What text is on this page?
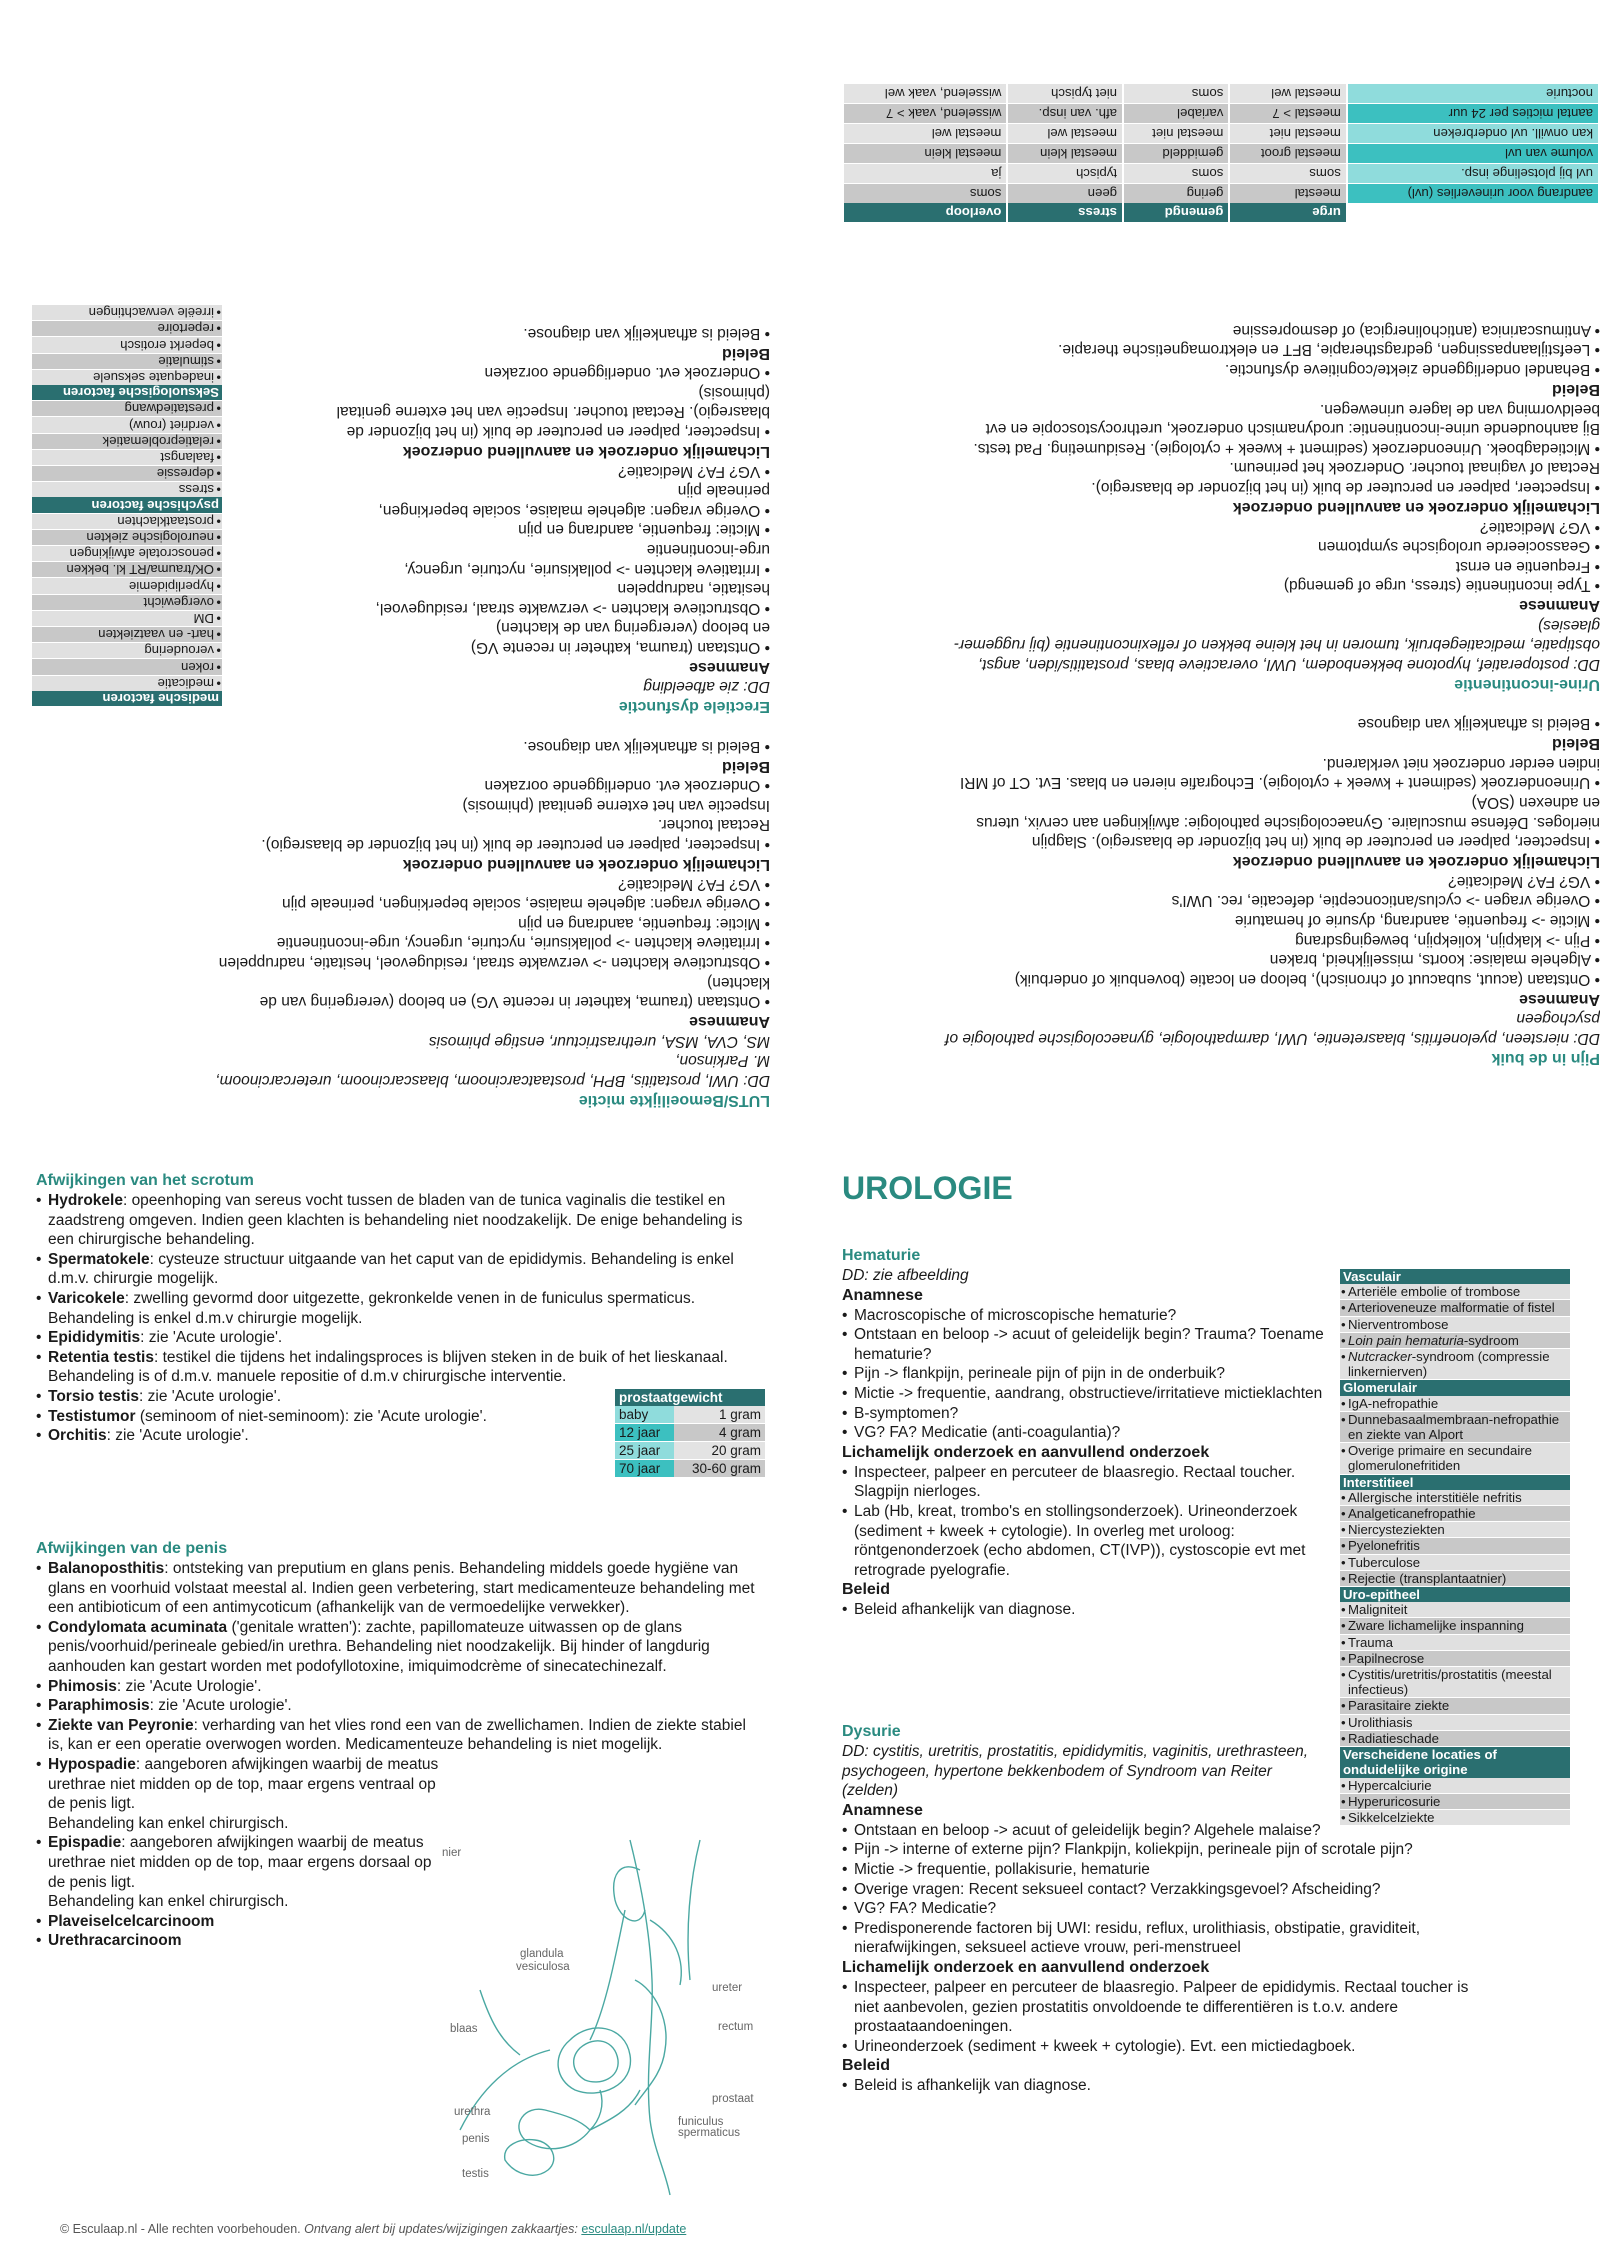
	urge	gemengd	stress	overloop
aandrang voor urineverlies (uvl)	meestal	gering	geen	soms
uvl bij plotselinge insp.	soms	soms	typisch	ja
volume van uvl	meestal groot	gemiddeld	meestal klein	meestal klein
kan onwill. uvl onderbreken	meestal niet	meestal niet	meestal wel	meestal wel
aantal micties per 24 uur	meestal > 7	variabel	afh. van insp.	wisselend, vaak > 7
nocturie	meestal wel	soms	niet typisch	wisselend, vaak wel
Pijn in de buik
DD: niersteen, pyelonefritis, blaasretentie, UWI, darmpathologie, gynaecologische pathologie of
psychogeen
Anamnese
• Ontstaan (acuut, subacuut of chronisch), beloop en locatie (bovenbuik of onderbuik)
• Algehele malaise: koorts, misselijkheid, braken
• Pijn -> klakpijn, koliekpijn, bewegingsdrang
• Mictie -> frequentie, aandrang, dysurie of hematurie
• Overige vragen -> cyclus/anticonceptie, defecatie, rec. UWI's
• VG? FA? Medicatie?
Lichamelijk onderzoek en aanvullend onderzoek
• Inspecteer, palpeer en percuteer de buik (in het bijzonder de blaasregio). Slagpijn
nierloges. Défense musculaire. Gynaecologische pathologie: afwijkingen aan cervix, uterus
en adnexen (SOA)
• Urineonderzoek (sediment + kweek + cytologie). Echografie nieren en blaas. Evt. CT of MRI
indien eerder onderzoek niet verklarend.
Beleid
• Beleid is afhankelijk van diagnose

Urine-incontinentie
DD: postoperatief, hypotone bekkenbodem, UWI, overactieve blaas, prostatitis/iden, angst,
obstipatie, medicatiegebruik, tumoren in het kleine bekken of reflexincontinentie (bij ruggemer-
glaesies)
Anamnese
• Type incontinentie (stress, urge of gemengd)
• Frequentie en ernst
• Geassocieerde urologische symptomen
• VG? Medicatie?
Lichamelijk onderzoek en aanvullend onderzoek
• Inspecteer, palpeer en percuteer de buik (in het bijzonder de blaasregio).
Rectaal of vaginaal toucher. Onderzoek het perineum.
• Mictiedagboek. Urineonderzoek (sediment + kweek + cytologie). Residumeting. Pad tests.
Bij aanhoudende urine-incontinentie: urodynamisch onderzoek, urethrocystoscopie en evt
beeldvorming van de lagere urinewegen.
Beleid
• Behandel onderliggende ziekte/cognitieve dysfunctie.
• Leefstijlaanpassingen, gedragstherapie, BFT en elektromagnetische therapie.
• Antimuscarinica (anticholinergica) of desmopressine
LUTS/Bemoeilijkte mictie
DD: UWI, prostatitis, BPH, prostaatcarcinoom, blaascarcinoom, uretercarcinoom, M. Parkinson,
MS, CVA, MSA, urethrastrictuur, enstige phimosis
Anamnese
• Ontstaan (trauma, katheter in recente VG) en beloop (verergering van de klachten)
• Obstructieve klachten -> verzwakte straal, residugevoel, hesitatie, nadruppelen
• Irritatieve klachten -> pollakisurie, nycturie, urgency, urge-incontinentie
• Mictie: frequentie, aandrang en pijn
• Overige vragen: algehele malaise, sociale beperkingen, perineale pijn
• VG? FA? Medicatie?
Lichamelijk onderzoek en aanvullend onderzoek
• Inspecteer, palpeer en percuteer de buik (in het bijzonder de blaasregio). Rectaal toucher.
Inspectie van het externe genitaal (phimosis)
• Onderzoek evt. onderliggende oorzaken
Beleid
• Beleid is afhankelijk van diagnose.

Erectiele dysfunctie
DD: zie afbeelding
Anamnese
• Ontstaan (trauma, katheter in recente VG)
en beloop (verergering van de klachten)
• Obstructieve klachten -> verzwakte straal, residugevoel,
hesitatie, nadruppelen
• Irritatieve klachten -> pollakisurie, nycturie, urgency,
urge-incontinentie
• Mictie: frequentie, aandrang en pijn
• Overige vragen: algehele malaise, sociale beperkingen,
perineale pijn
• VG? FA? Medicatie?
Lichamelijk onderzoek en aanvullend onderzoek
• Inspecteer, palpeer en percuteer de buik (in het bijzonder de
blaasregio). Rectaal toucher. Inspectie van het externe genitaal
(phimosis)
• Onderzoek evt. onderliggende oorzaken
Beleid
• Beleid is afhankelijk van diagnose.
medische factoren
• medicatie
• roken
• veroudering
• hart- en vaatziekten
• DM
• overgewicht
• hyperlipidemie
• OK/trauma/RT kl. bekken
• penoscrotale afwijkingen
• neurologische ziekten
• prostaatklachten
psychische factoren
• stress
• depressie
• faalangst
• relatieproblematiek
• verdriet (rouw)
• prestatiedwang
Seksuologische factoren
• inadequate seksuele
• stimulatie
• beperkt erotisch
• repertoire
• irreële verwachtingen
Afwijkingen van het scrotum
• Hydrokele: opeenhoping van sereus vocht tussen de bladen van de tunica vaginalis die testikel en zaadstreng omgeven. Indien geen klachten is behandeling niet noodzakelijk. De enige behandeling is een chirurgische behandeling.
• Spermatokele: cysteuze structuur uitgaande van het caput van de epididymis. Behandeling is enkel d.m.v. chirurgie mogelijk.
• Varicokele: zwelling gevormd door uitgezette, gekronkelde venen in de funiculus spermaticus. Behandeling is enkel d.m.v chirurgie mogelijk.
• Epididymitis: zie 'Acute urologie'.
• Retentia testis: testikel die tijdens het indalingsproces is blijven steken in de buik of het lieskanaal. Behandeling is of d.m.v. manuele repositie of d.m.v chirurgische interventie.
• Torsio testis: zie 'Acute urologie'.
• Testistumor (seminoom of niet-seminoom): zie 'Acute urologie'.
• Orchitis: zie 'Acute urologie'.
prostaatgewicht	
baby	1 gram
12 jaar	4 gram
25 jaar	20 gram
70 jaar	30-60 gram
Afwijkingen van de penis
• Balanoposthitis: ontsteking van preputium en glans penis. Behandeling middels goede hygiëne van glans en voorhuid volstaat meestal al. Indien geen verbetering, start medicamenteuze behandeling met een antibioticum of een antimycoticum (afhankelijk van de vermoedelijke verwekker).
• Condylomata acuminata ('genitale wratten'): zachte, papillomateuze uitwassen op de glans penis/voorhuid/perineale gebied/in urethra. Behandeling niet noodzakelijk. Bij hinder of langdurig aanhouden kan gestart worden met podofyllotoxine, imiquimodcrème of sinecatechinezalf.
• Phimosis: zie 'Acute Urologie'.
• Paraphimosis: zie 'Acute urologie'.
• Ziekte van Peyronie: verharding van het vlies rond een van de zwellichamen. Indien de ziekte stabiel is, kan er een operatie overwogen worden. Medicamenteuze behandeling is niet mogelijk.
• Hypospadie: aangeboren afwijkingen waarbij de meatus urethrae niet midden op de top, maar ergens ventraal op de penis ligt.
Behandeling kan enkel chirurgisch.
• Epispadie: aangeboren afwijkingen waarbij de meatus urethrae niet midden op de top, maar ergens dorsaal op de penis ligt.
Behandeling kan enkel chirurgisch.
• Plaveiselcelcarcinoom
• Urethracarcinoom
nier
glandula
vesiculosa
ureter
rectum
blaas
prostaat
urethra
funiculus
spermaticus
penis
testis
© Esculaap.nl - Alle rechten voorbehouden. Ontvang alert bij updates/wijzigingen zakkaartjes: esculaap.nl/update
UROLOGIE
Hematurie
DD: zie afbeelding
Anamnese
• Macroscopische of microscopische hematurie?
• Ontstaan en beloop -> acuut of geleidelijk begin? Trauma? Toename hematurie?
• Pijn -> flankpijn, perineale pijn of pijn in de onderbuik?
• Mictie -> frequentie, aandrang, obstructieve/irritatieve mictieklachten
• B-symptomen?
• VG? FA? Medicatie (anti-coagulantia)?
Lichamelijk onderzoek en aanvullend onderzoek
• Inspecteer, palpeer en percuteer de blaasregio. Rectaal toucher. Slagpijn nierloges.
• Lab (Hb, kreat, trombo's en stollingsonderzoek). Urineonderzoek (sediment + kweek + cytologie). In overleg met uroloog: röntgenonderzoek (echo abdomen, CT(IVP)), cystoscopie evt met retrograde pyelografie.
Beleid
• Beleid afhankelijk van diagnose.
Vasculair
• Arteriële embolie of trombose
• Arterioveneuze malformatie of fistel
• Nierventrombose
• Loin pain hematuria-sydroom
• Nutcracker-syndroom (compressie linkernierven)
Glomerulair
• IgA-nefropathie
• Dunnebasaalmembraan-nefropathie en ziekte van Alport
• Overige primaire en secundaire glomerulonefritiden
Interstitieel
• Allergische interstitiële nefritis
• Analgeticanefropathie
• Niercystеziekten
• Pyelonefritis
• Tuberculose
• Rejectie (transplantaatnier)
Uro-epitheel
• Maligniteit
• Zware lichamelijke inspanning
• Trauma
• Papilnecrose
• Cystitis/uretritis/prostatitis (meestal infectieus)
• Parasitaire ziekte
• Urolithiasis
• Radiatieschade
Verscheidene locaties of onduidelijke origine
• Hypercalciurie
• Hyperuricosurie
• Sikkelcelziekte
Dysurie
DD: cystitis, uretritis, prostatitis, epididymitis, vaginitis, urethrasteen, psychogeen, hypertone bekkenbodem of Syndroom van Reiter (zelden)
Anamnese
• Ontstaan en beloop -> acuut of geleidelijk begin? Algehele malaise?
• Pijn -> interne of externe pijn? Flankpijn, koliekpijn, perineale pijn of scrotale pijn?
• Mictie -> frequentie, pollakisurie, hematurie
• Overige vragen: Recent seksueel contact? Verzakkingsgevoel? Afscheiding?
• VG? FA? Medicatie?
• Predisponerende factoren bij UWI: residu, reflux, urolithiasis, obstipatie, graviditeit, nierafwijkingen, seksueel actieve vrouw, peri-menstrueel
Lichamelijk onderzoek en aanvullend onderzoek
• Inspecteer, palpeer en percuteer de blaasregio. Palpeer de epididymis. Rectaal toucher is niet aanbevolen, gezien prostatitis onvoldoende te differentiëren is t.o.v. andere prostaataandoeningen.
• Urineonderzoek (sediment + kweek + cytologie). Evt. een mictiedagboek.
Beleid
• Beleid is afhankelijk van diagnose.
